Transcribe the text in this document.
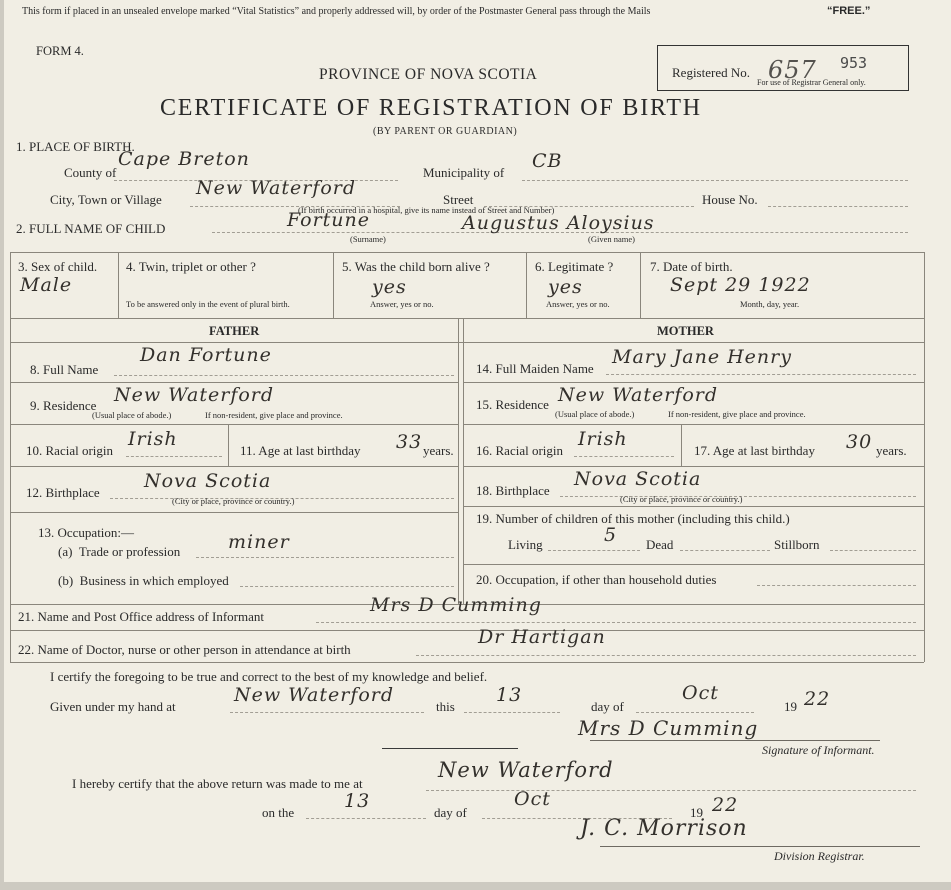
This form if placed in an unsealed envelope marked “Vital Statistics” and properly addressed will, by order of the Postmaster General pass through the Mails	“FREE.”
FORM 4.
PROVINCE OF NOVA SCOTIA
CERTIFICATE OF REGISTRATION OF BIRTH
(BY PARENT OR GUARDIAN)
Registered No. 657 953
For use of Registrar General only.
1. PLACE OF BIRTH.
County of
Cape Breton
Municipality of
CB
City, Town or Village
New Waterford
Street	House No.
(If birth occurred in a hospital, give its name instead of Street and Number)
2. FULL NAME OF CHILD	Fortune	Augustus Aloysius
(Surname)	(Given name)
3. Sex of child.
Male
4. Twin, triplet or other ?
To be answered only in the event of plural birth.
5. Was the child born alive ?
yes
Answer, yes or no.
6. Legitimate ?
yes
Answer, yes or no.
7. Date of birth.
Sept 29 1922
Month, day, year.
FATHER	MOTHER
8. Full Name
Dan Fortune
9. Residence New Waterford
(Usual place of abode.)	If non-resident, give place and province.
10. Racial origin
Irish
11. Age at last birthday 33 years.
12. Birthplace
Nova Scotia
(City or place, province or country.)
13. Occupation:—
(a) Trade or profession	miner
(b) Business in which employed
14. Full Maiden Name
Mary Jane Henry
15. Residence New Waterford
(Usual place of abode.)	If non-resident, give place and province.
16. Racial origin
Irish
17. Age at last birthday 30 years.
18. Birthplace
Nova Scotia
(City or place, province or country.)
19. Number of children of this mother (including this child.)
Living	5 Dead	Stillborn
20. Occupation, if other than household duties
21. Name and Post Office address of Informant
Mrs D Cumming
22. Name of Doctor, nurse or other person in attendance at birth
Dr Hartigan
I certify the foregoing to be true and correct to the best of my knowledge and belief.
Given under my hand at
New Waterford
this
13
day of
Oct
19 22
Mrs D Cumming
Signature of Informant.
I hereby certify that the above return was made to me at
New Waterford
on the
13
day of
Oct
19 22
J. C. Morrison
Division Registrar.
